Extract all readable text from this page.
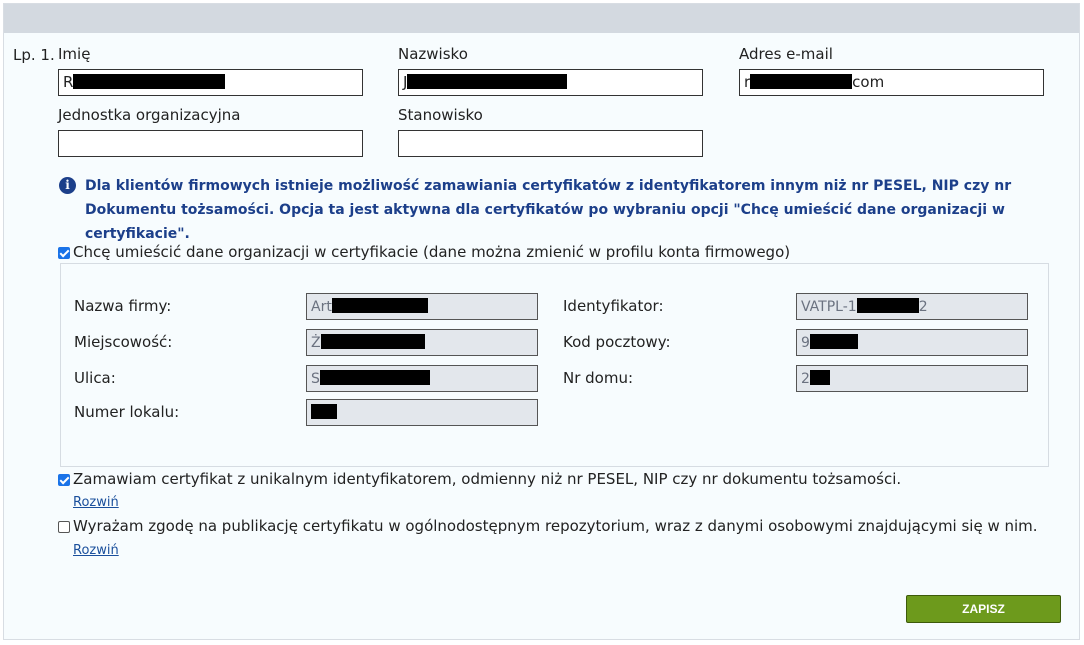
Lp. 1. Imię
R
Nazwisko
J
Adres e-mail
r	com
Jednostka organizacyjna	Stanowisko
i	Dla klientów firmowych istnieje możliwość zamawiania certyfikatów z identyfikatorem innym niż nr PESEL, NIP czy nr Dokumentu tożsamości. Opcja ta jest aktywna dla certyfikatów po wybraniu opcji "Chcę umieścić dane organizacji w certyfikacie".
Chcę umieścić dane organizacji w certyfikacie (dane można zmienić w profilu konta firmowego)
Nazwa firmy:	Art	Identyfikator:	VATPL-1	2
Miejscowość:	Ż	Kod pocztowy:	9
Ulica:	S	Nr domu:	2
Numer lokalu:
Zamawiam certyfikat z unikalnym identyfikatorem, odmienny niż nr PESEL, NIP czy nr dokumentu tożsamości.
Rozwiń
Wyrażam zgodę na publikację certyfikatu w ogólnodostępnym repozytorium, wraz z danymi osobowymi znajdującymi się w nim.
Rozwiń
ZAPISZ
